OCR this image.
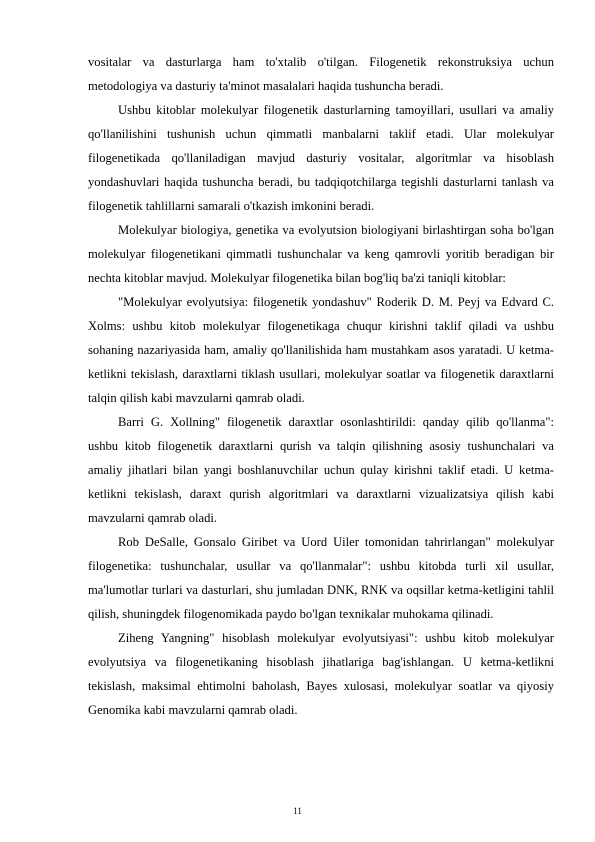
vositalar va dasturlarga ham to'xtalib o'tilgan. Filogenetik rekonstruksiya uchun metodologiya va dasturiy ta'minot masalalari haqida tushuncha beradi.

Ushbu kitoblar molekulyar filogenetik dasturlarning tamoyillari, usullari va amaliy qo'llanilishini tushunish uchun qimmatli manbalarni taklif etadi. Ular molekulyar filogenetikada qo'llaniladigan mavjud dasturiy vositalar, algoritmlar va hisoblash yondashuvlari haqida tushuncha beradi, bu tadqiqotchilarga tegishli dasturlarni tanlash va filogenetik tahlillarni samarali o'tkazish imkonini beradi.

Molekulyar biologiya, genetika va evolyutsion biologiyani birlashtirgan soha bo'lgan molekulyar filogenetikani qimmatli tushunchalar va keng qamrovli yoritib beradigan bir nechta kitoblar mavjud. Molekulyar filogenetika bilan bog'liq ba'zi taniqli kitoblar:

"Molekulyar evolyutsiya: filogenetik yondashuv" Roderik D. M. Peyj va Edvard C. Xolms: ushbu kitob molekulyar filogenetikaga chuqur kirishni taklif qiladi va ushbu sohaning nazariyasida ham, amaliy qo'llanilishida ham mustahkam asos yaratadi. U ketma-ketlikni tekislash, daraxtlarni tiklash usullari, molekulyar soatlar va filogenetik daraxtlarni talqin qilish kabi mavzularni qamrab oladi.

Barri G. Xollning" filogenetik daraxtlar osonlashtirildi: qanday qilib qo'llanma": ushbu kitob filogenetik daraxtlarni qurish va talqin qilishning asosiy tushunchalari va amaliy jihatlari bilan yangi boshlanuvchilar uchun qulay kirishni taklif etadi. U ketma-ketlikni tekislash, daraxt qurish algoritmlari va daraxtlarni vizualizatsiya qilish kabi mavzularni qamrab oladi.

Rob DeSalle, Gonsalo Giribet va Uord Uiler tomonidan tahrirlangan" molekulyar filogenetika: tushunchalar, usullar va qo'llanmalar": ushbu kitobda turli xil usullar, ma'lumotlar turlari va dasturlari, shu jumladan DNK, RNK va oqsillar ketma-ketligini tahlil qilish, shuningdek filogenomikada paydo bo'lgan texnikalar muhokama qilinadi.

Ziheng Yangning" hisoblash molekulyar evolyutsiyasi": ushbu kitob molekulyar evolyutsiya va filogenetikaning hisoblash jihatlariga bag'ishlangan. U ketma-ketlikni tekislash, maksimal ehtimolni baholash, Bayes xulosasi, molekulyar soatlar va qiyosiy Genomika kabi mavzularni qamrab oladi.

11
